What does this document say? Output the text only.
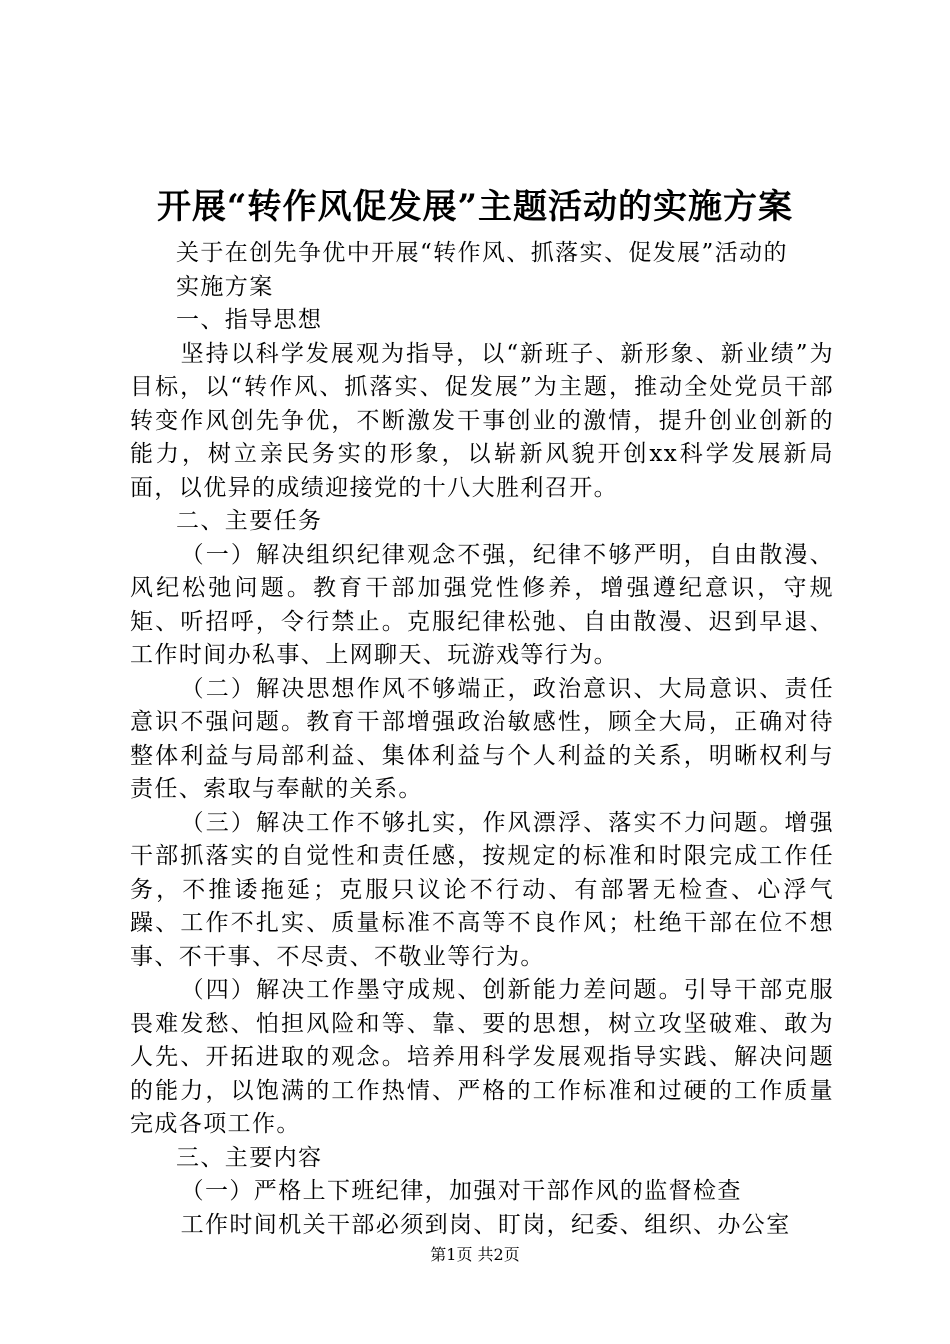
开展“转作风促发展”主题活动的实施方案

关于在创先争优中开展“转作风、抓落实、促发展”活动的

实施方案

一、指导思想

坚持以科学发展观为指导，以“新班子、新形象、新业绩”为目标，以“转作风、抓落实、促发展”为主题，推动全处党员干部转变作风创先争优，不断激发干事创业的激情，提升创业创新的能力，树立亲民务实的形象，以崭新风貌开创xx科学发展新局面，以优异的成绩迎接党的十八大胜利召开。

二、主要任务

（一）解决组织纪律观念不强，纪律不够严明，自由散漫、风纪松弛问题。教育干部加强党性修养，增强遵纪意识，守规矩、听招呼，令行禁止。克服纪律松弛、自由散漫、迟到早退、工作时间办私事、上网聊天、玩游戏等行为。

（二）解决思想作风不够端正，政治意识、大局意识、责任意识不强问题。教育干部增强政治敏感性，顾全大局，正确对待整体利益与局部利益、集体利益与个人利益的关系，明晰权利与责任、索取与奉献的关系。

（三）解决工作不够扎实，作风漂浮、落实不力问题。增强干部抓落实的自觉性和责任感，按规定的标准和时限完成工作任务，不推诿拖延；克服只议论不行动、有部署无检查、心浮气躁、工作不扎实、质量标准不高等不良作风；杜绝干部在位不想事、不干事、不尽责、不敬业等行为。

（四）解决工作墨守成规、创新能力差问题。引导干部克服畏难发愁、怕担风险和等、靠、要的思想，树立攻坚破难、敢为人先、开拓进取的观念。培养用科学发展观指导实践、解决问题的能力，以饱满的工作热情、严格的工作标准和过硬的工作质量完成各项工作。

三、主要内容

（一）严格上下班纪律，加强对干部作风的监督检查

工作时间机关干部必须到岗、盯岗，纪委、组织、办公室

第1页 共2页
